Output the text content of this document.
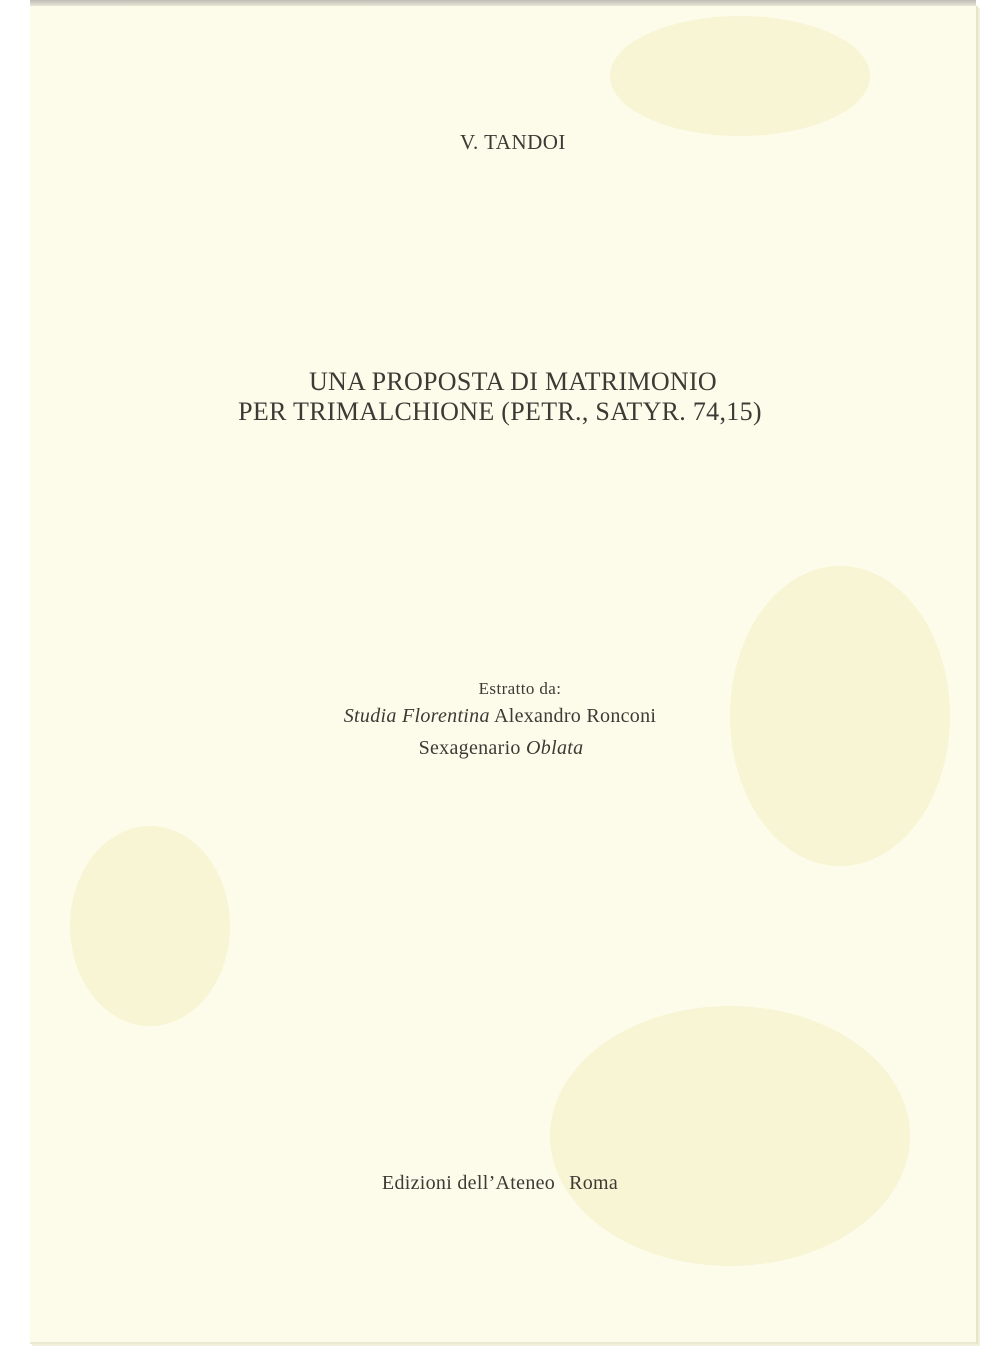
V. TANDOI
UNA PROPOSTA DI MATRIMONIO
PER TRIMALCHIONE (PETR., SATYR. 74,15)
Estratto da:
Studia Florentina Alexandro Ronconi
Sexagenario Oblata
Edizioni dell’Ateneo Roma
